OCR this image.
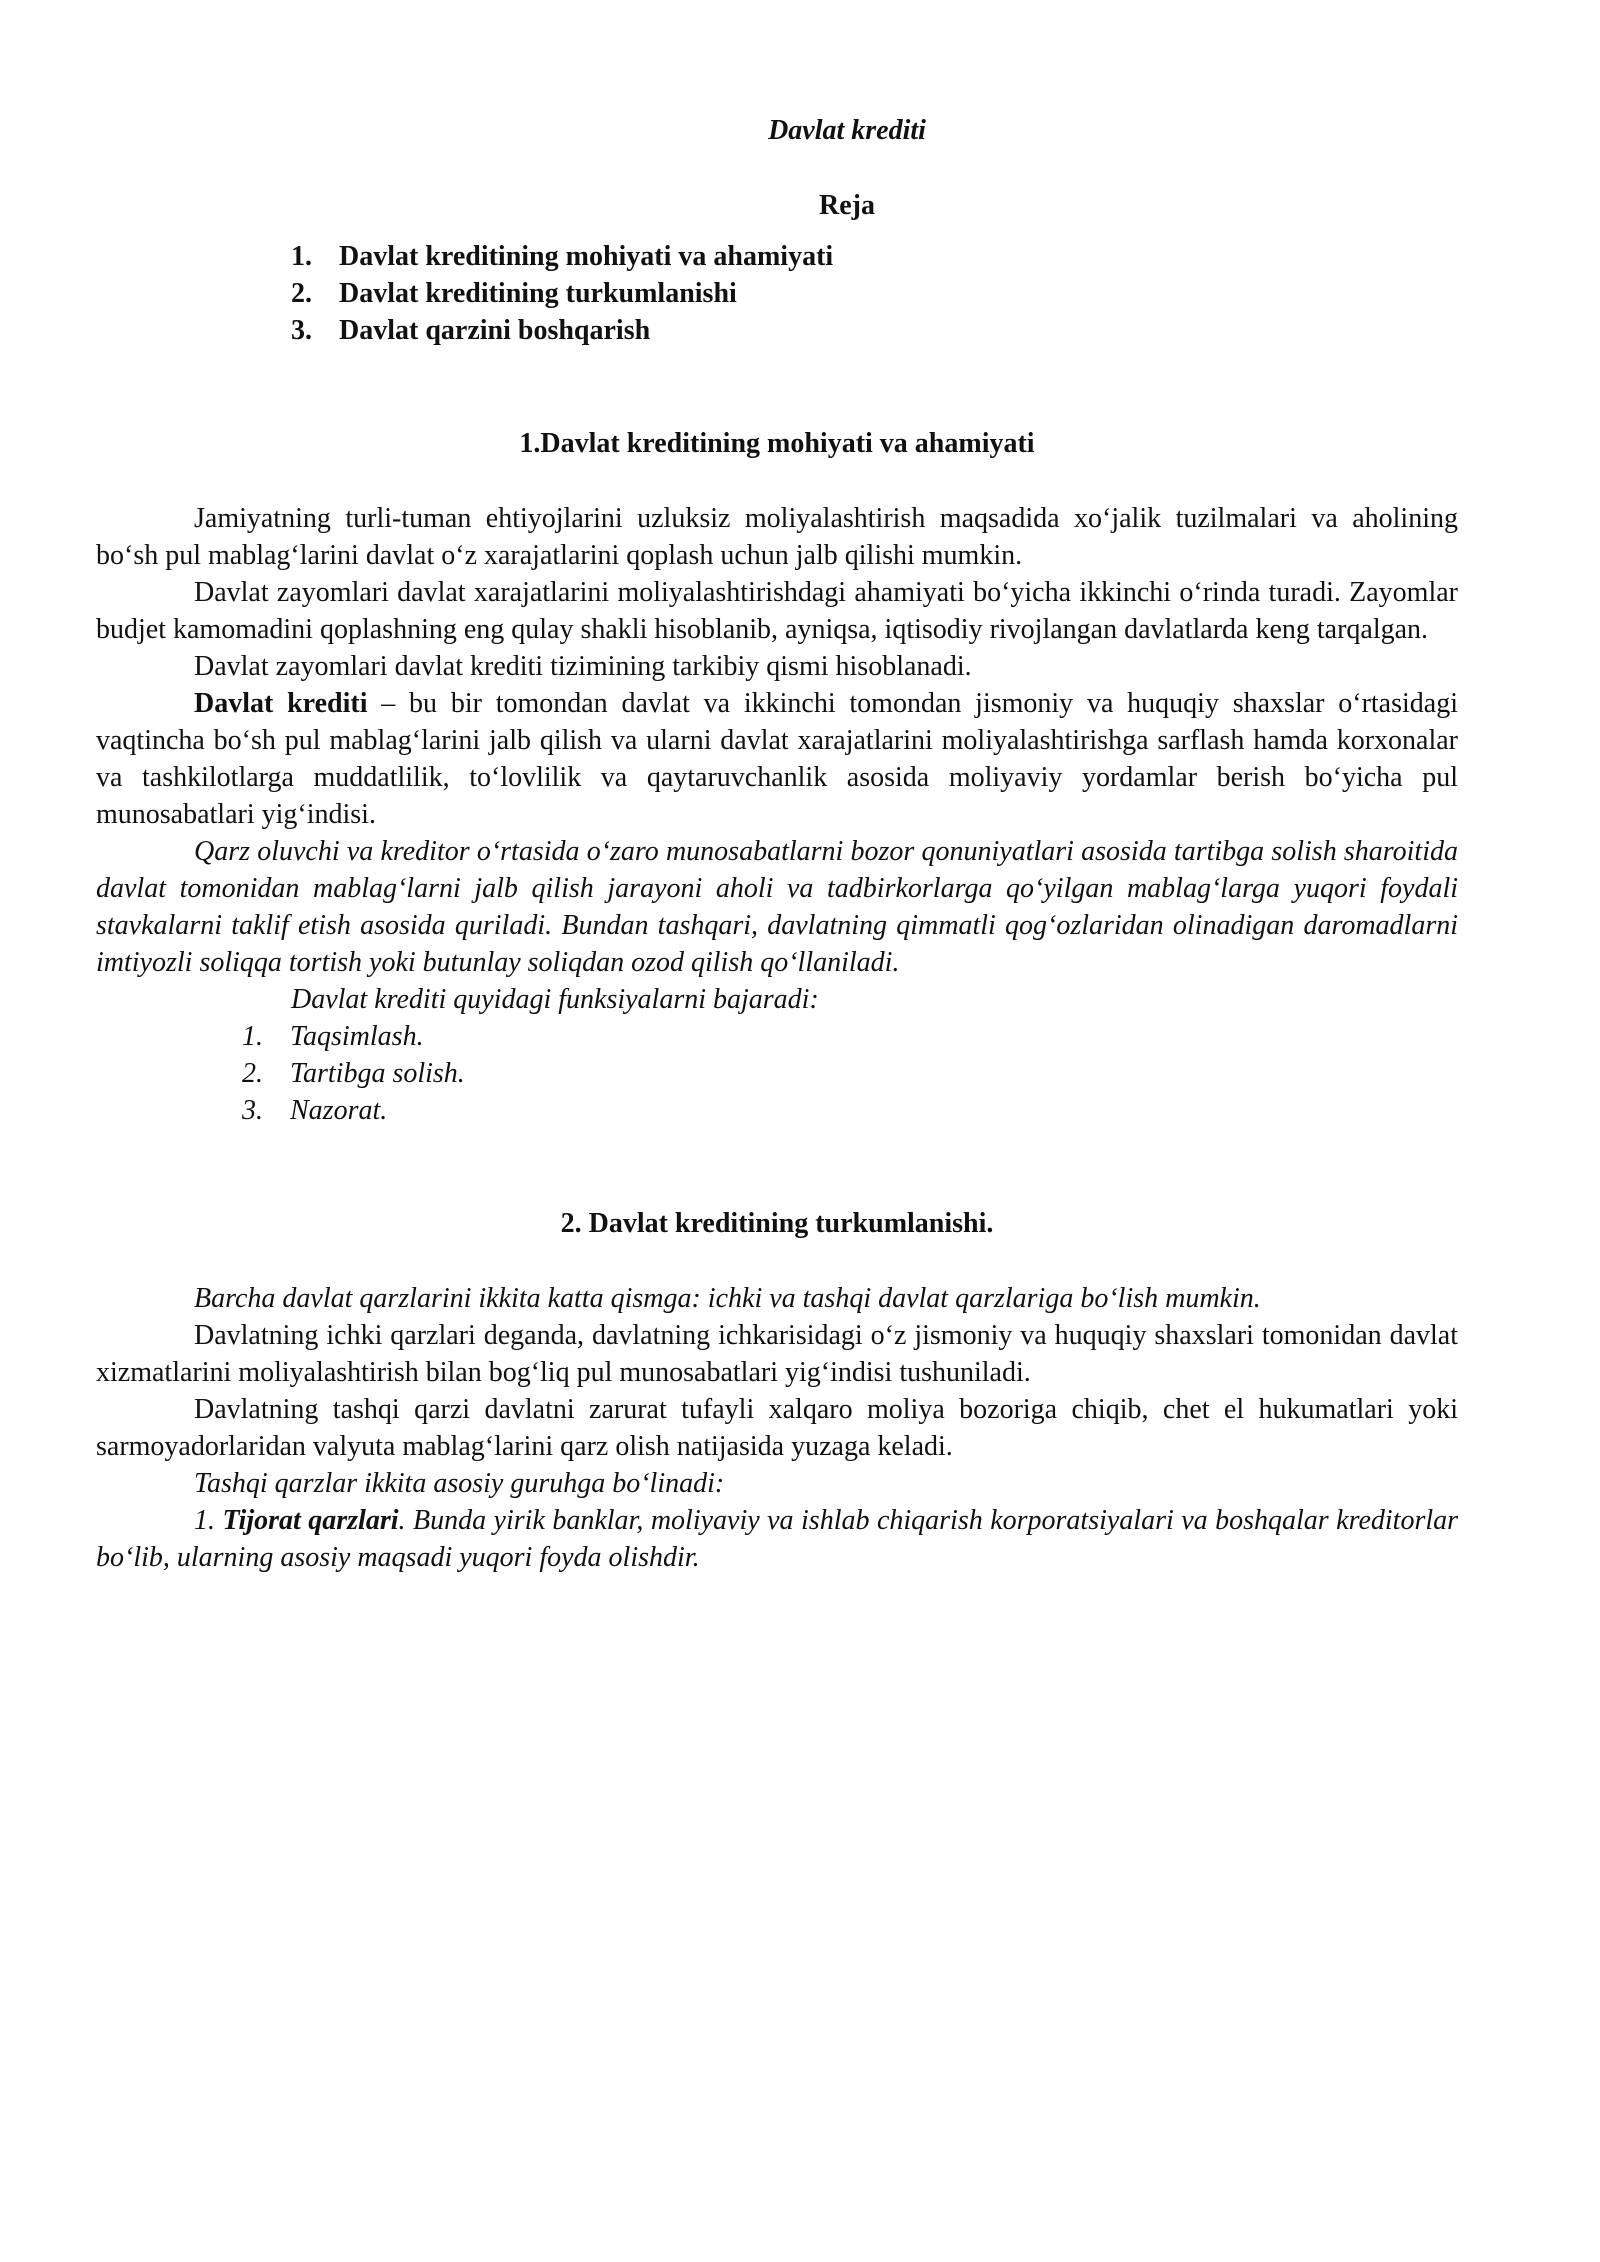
Davlat krediti
Reja
1. Davlat kreditining mohiyati va ahamiyati
2. Davlat kreditining turkumlanishi
3. Davlat qarzini boshqarish
1.Davlat kreditining mohiyati va ahamiyati

Jamiyatning turli-tuman ehtiyojlarini uzluksiz moliyalashtirish maqsadida xo‘jalik tuzilmalari va aholining bo‘sh pul mablag‘larini davlat o‘z xarajatlarini qoplash uchun jalb qilishi mumkin.

Davlat zayomlari davlat xarajatlarini moliyalashtirishdagi ahamiyati bo‘yicha ikkinchi o‘rinda turadi. Zayomlar budjet kamomadini qoplashning eng qulay shakli hisoblanib, ayniqsa, iqtisodiy rivojlangan davlatlarda keng tarqalgan.

Davlat zayomlari davlat krediti tizimining tarkibiy qismi hisoblanadi.

Davlat krediti – bu bir tomondan davlat va ikkinchi tomondan jismoniy va huquqiy shaxslar o‘rtasidagi vaqtincha bo‘sh pul mablag‘larini jalb qilish va ularni davlat xarajatlarini moliyalashtirishga sarflash hamda korxonalar va tashkilotlarga muddatlilik, to‘lovlilik va qaytaruvchanlik asosida moliyaviy yordamlar berish bo‘yicha pul munosabatlari yig‘indisi.

Qarz oluvchi va kreditor o‘rtasida o‘zaro munosabatlarni bozor qonuniyatlari asosida tartibga solish sharoitida davlat tomonidan mablag‘larni jalb qilish jarayoni aholi va tadbirkorlarga qo‘yilgan mablag‘larga yuqori foydali stavkalarni taklif etish asosida quriladi. Bundan tashqari, davlatning qimmatli qog‘ozlaridan olinadigan daromadlarni imtiyozli soliqqa tortish yoki butunlay soliqdan ozod qilish qo‘llaniladi.

Davlat krediti quyidagi funksiyalarni bajaradi:

1. Taqsimlash.
2. Tartibga solish.
3. Nazorat.
2. Davlat kreditining turkumlanishi.

Barcha davlat qarzlarini ikkita katta qismga: ichki va tashqi davlat qarzlariga bo‘lish mumkin.

Davlatning ichki qarzlari deganda, davlatning ichkarisidagi o‘z jismoniy va huquqiy shaxslari tomonidan davlat xizmatlarini moliyalashtirish bilan bog‘liq pul munosabatlari yig‘indisi tushuniladi.

Davlatning tashqi qarzi davlatni zarurat tufayli xalqaro moliya bozoriga chiqib, chet el hukumatlari yoki sarmoyadorlaridan valyuta mablag‘larini qarz olish natijasida yuzaga keladi.

Tashqi qarzlar ikkita asosiy guruhga bo‘linadi:

1. Tijorat qarzlari. Bunda yirik banklar, moliyaviy va ishlab chiqarish korporatsiyalari va boshqalar kreditorlar bo‘lib, ularning asosiy maqsadi yuqori foyda olishdir.
